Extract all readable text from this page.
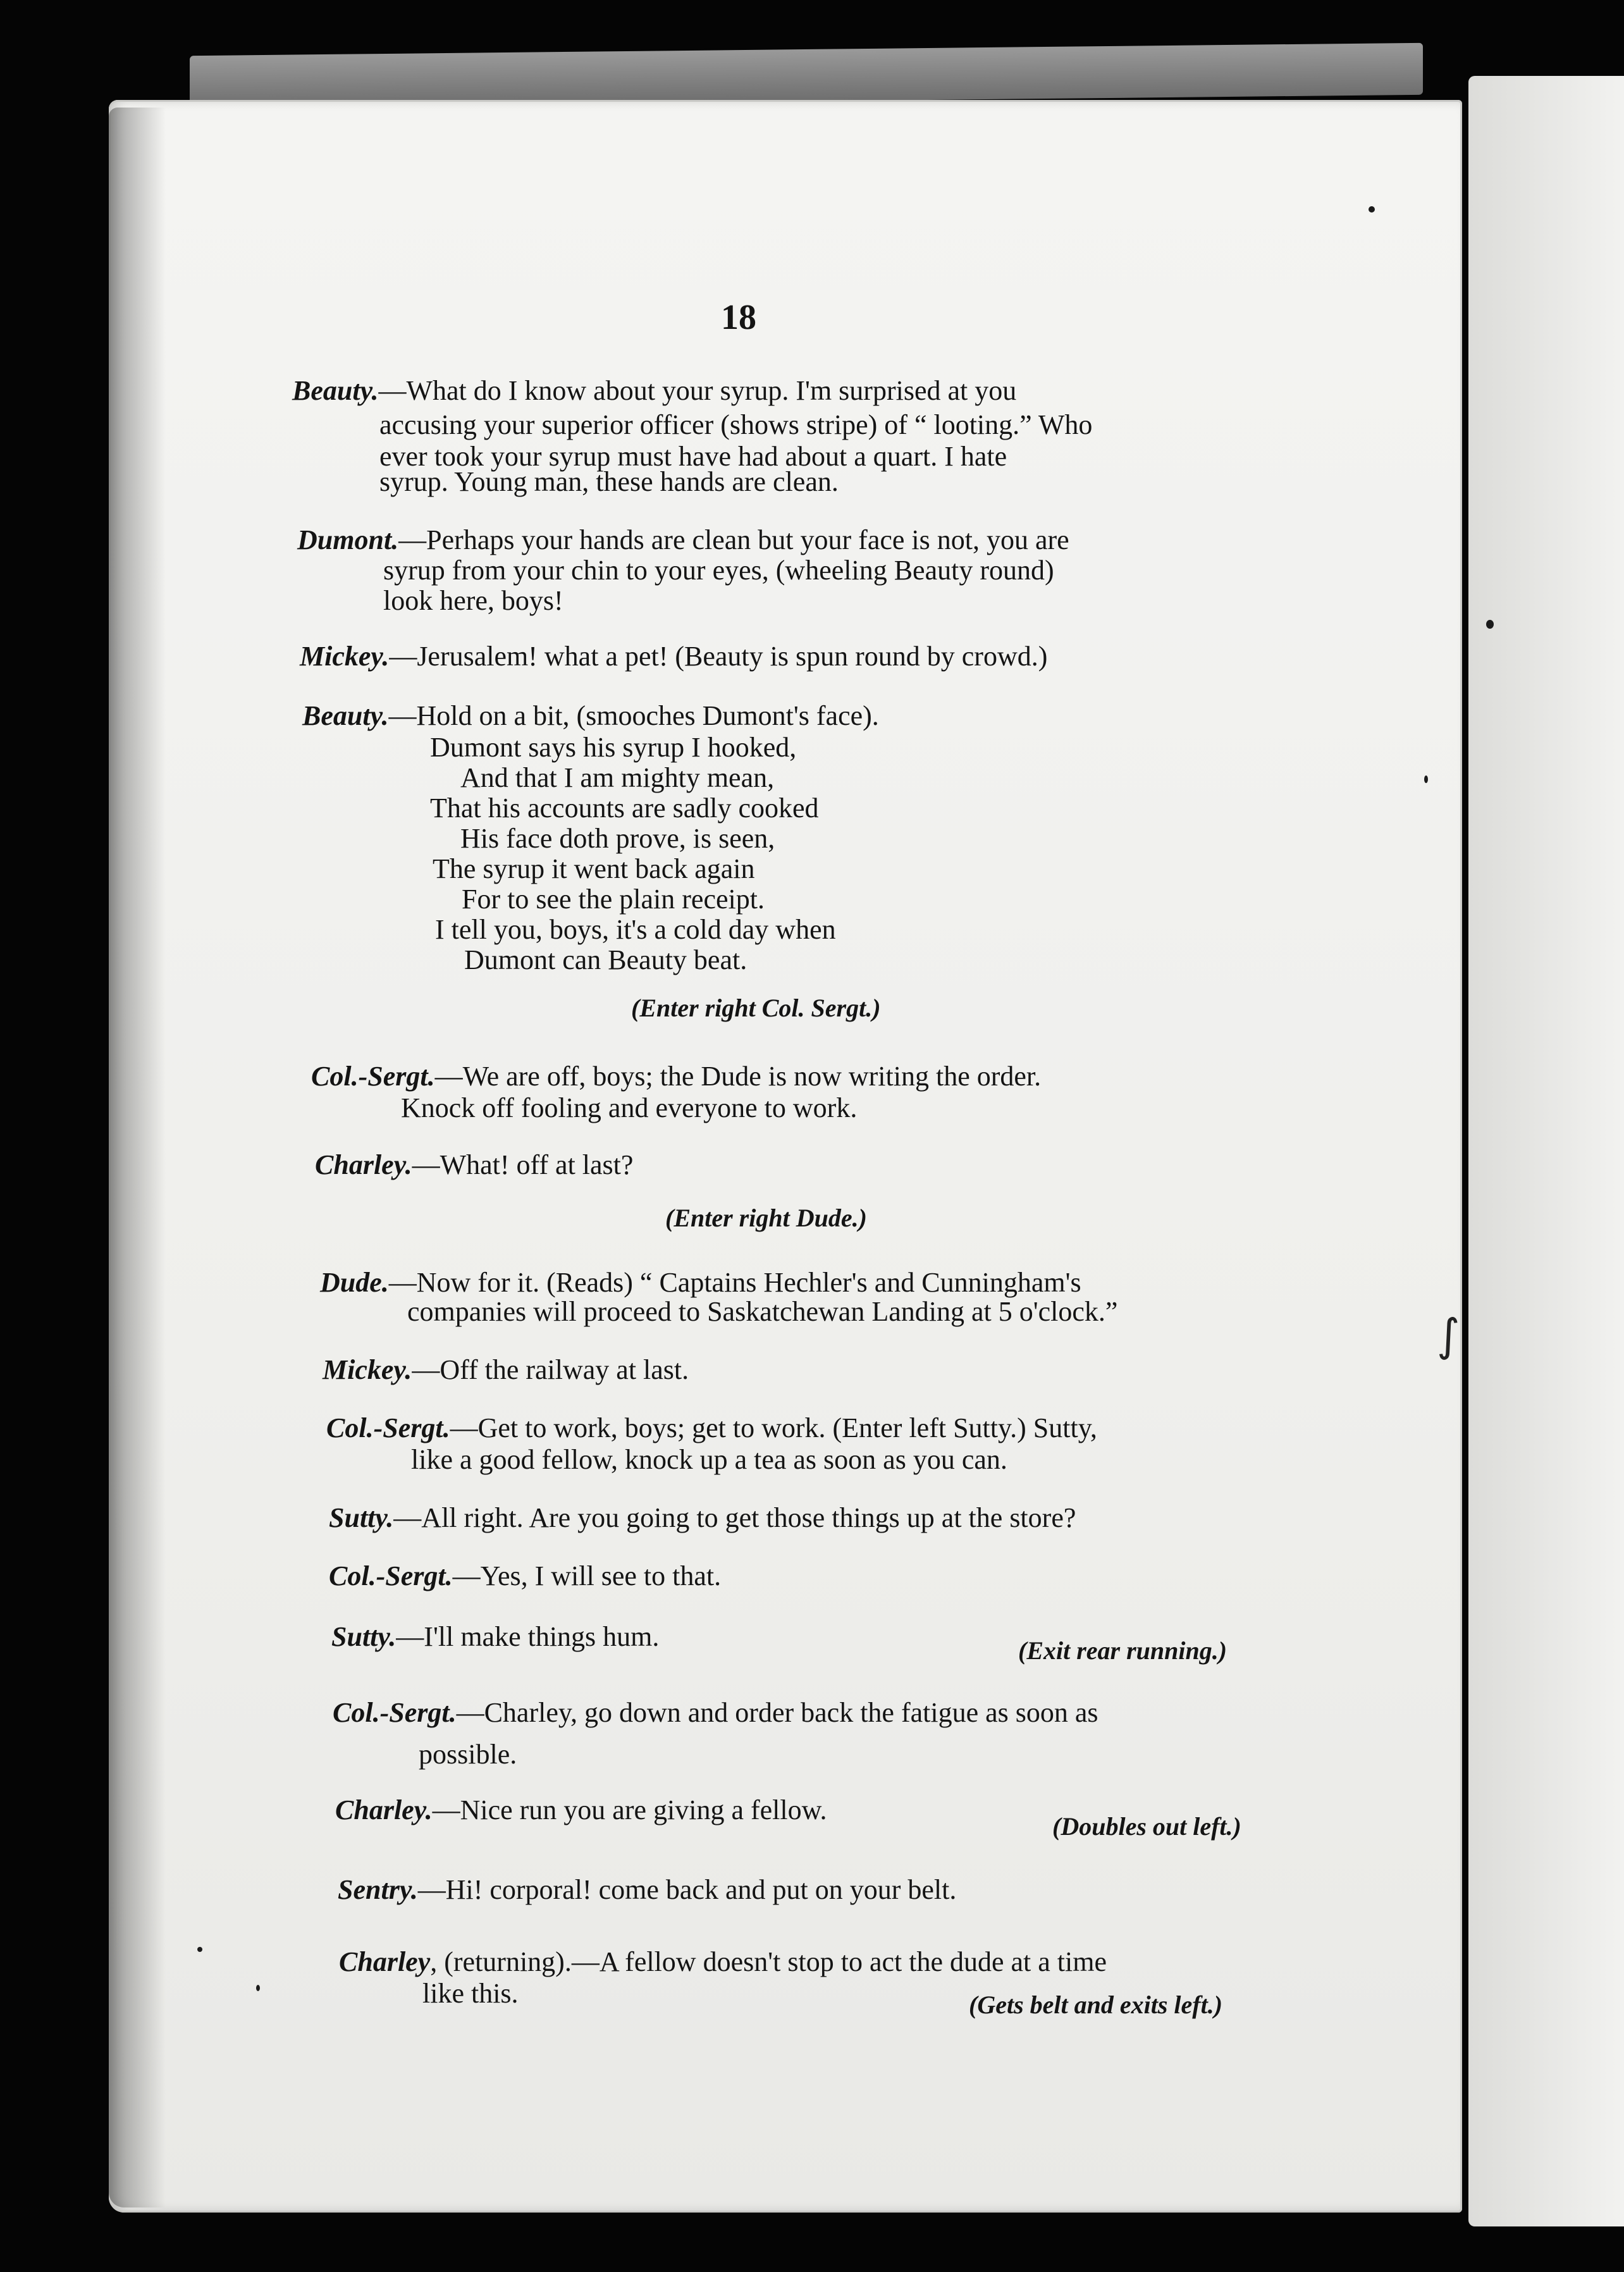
∫
18
Beauty.—What do I know about your syrup. I'm surprised at you
accusing your superior officer (shows stripe) of “ looting.” Who
ever took your syrup must have had about a quart. I hate
syrup. Young man, these hands are clean.
Dumont.—Perhaps your hands are clean but your face is not, you are
syrup from your chin to your eyes, (wheeling Beauty round)
look here, boys!
Mickey.—Jerusalem! what a pet! (Beauty is spun round by crowd.)
Beauty.—Hold on a bit, (smooches Dumont's face).
Dumont says his syrup I hooked,
And that I am mighty mean,
That his accounts are sadly cooked
His face doth prove, is seen,
The syrup it went back again
For to see the plain receipt.
I tell you, boys, it's a cold day when
Dumont can Beauty beat.
(Enter right Col. Sergt.)
Col.-Sergt.—We are off, boys; the Dude is now writing the order.
Knock off fooling and everyone to work.
Charley.—What! off at last?
(Enter right Dude.)
Dude.—Now for it. (Reads) “ Captains Hechler's and Cunningham's
companies will proceed to Saskatchewan Landing at 5 o'clock.”
Mickey.—Off the railway at last.
Col.-Sergt.—Get to work, boys; get to work. (Enter left Sutty.) Sutty,
like a good fellow, knock up a tea as soon as you can.
Sutty.—All right. Are you going to get those things up at the store?
Col.-Sergt.—Yes, I will see to that.
Sutty.—I'll make things hum.	(Exit rear running.)
Col.-Sergt.—Charley, go down and order back the fatigue as soon as
possible.
Charley.—Nice run you are giving a fellow.
(Doubles out left.)
Sentry.—Hi! corporal! come back and put on your belt.
Charley, (returning).—A fellow doesn't stop to act the dude at a time
like this.	(Gets belt and exits left.)
